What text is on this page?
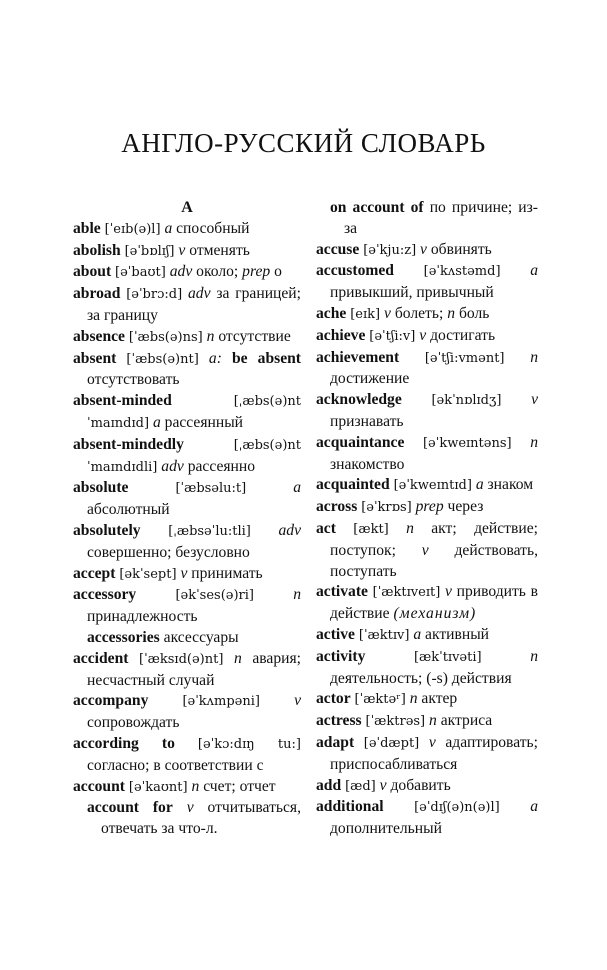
АНГЛО-РУССКИЙ СЛОВАРЬ
A
able [ˈeɪb(ə)l] a способный
abolish [əˈbɒlɪʃ] v отменять
about [əˈbaʊt] adv около; prep о
abroad [əˈbrɔ:d] adv за границей; за границу
absence [ˈæbs(ə)ns] n отсутствие
absent [ˈæbs(ə)nt] a: be absent отсутствовать
absent-minded	[ˌæbs(ə)nt ˈmaɪndɪd] a рассеянный
absent-mindedly	[ˌæbs(ə)nt ˈmaɪndɪdli] adv рассеянно
absolute	[ˈæbsəlu:t]	a абсолютный
absolutely [ˌæbsəˈlu:tli] adv совершенно; безусловно
accept [əkˈsept] v принимать
accessory	[əkˈses(ə)ri]	n принадлежность
accessories аксессуары
accident [ˈæksɪd(ə)nt] n авария; несчастный случай
accompany	[əˈkʌmpəni] v сопровождать
according to [əˈkɔ:dɪŋ tu:] согласно; в соответствии с
account [əˈkaʊnt] n счет; отчет
account for v отчитываться, отвечать за что-л.
on account of по причине; из-за
accuse [əˈkju:z] v обвинять
accustomed [əˈkʌstəmd] a привыкший, привычный
ache [eɪk] v болеть; n боль
achieve [əˈtʃi:v] v достигать
achievement [əˈtʃi:vmənt] n достижение
acknowledge [əkˈnɒlɪdʒ] v признавать
acquaintance [əˈkweɪntəns] n знакомство
acquainted [əˈkweɪntɪd] a знаком
across [əˈkrɒs] prep через
act [ækt] n акт; действие; поступок; v действовать, поступать
activate [ˈæktɪveɪt] v приводить в действие (механизм)
active [ˈæktɪv] a активный
activity	[ækˈtɪvəti]	n деятельность; (-s) действия
actor [ˈæktəʳ] n актер
actress [ˈæktrəs] n актриса
adapt [əˈdæpt] v адаптировать; приспосабливаться
add [æd] v добавить
additional [əˈdɪʃ(ə)n(ə)l] a дополнительный
